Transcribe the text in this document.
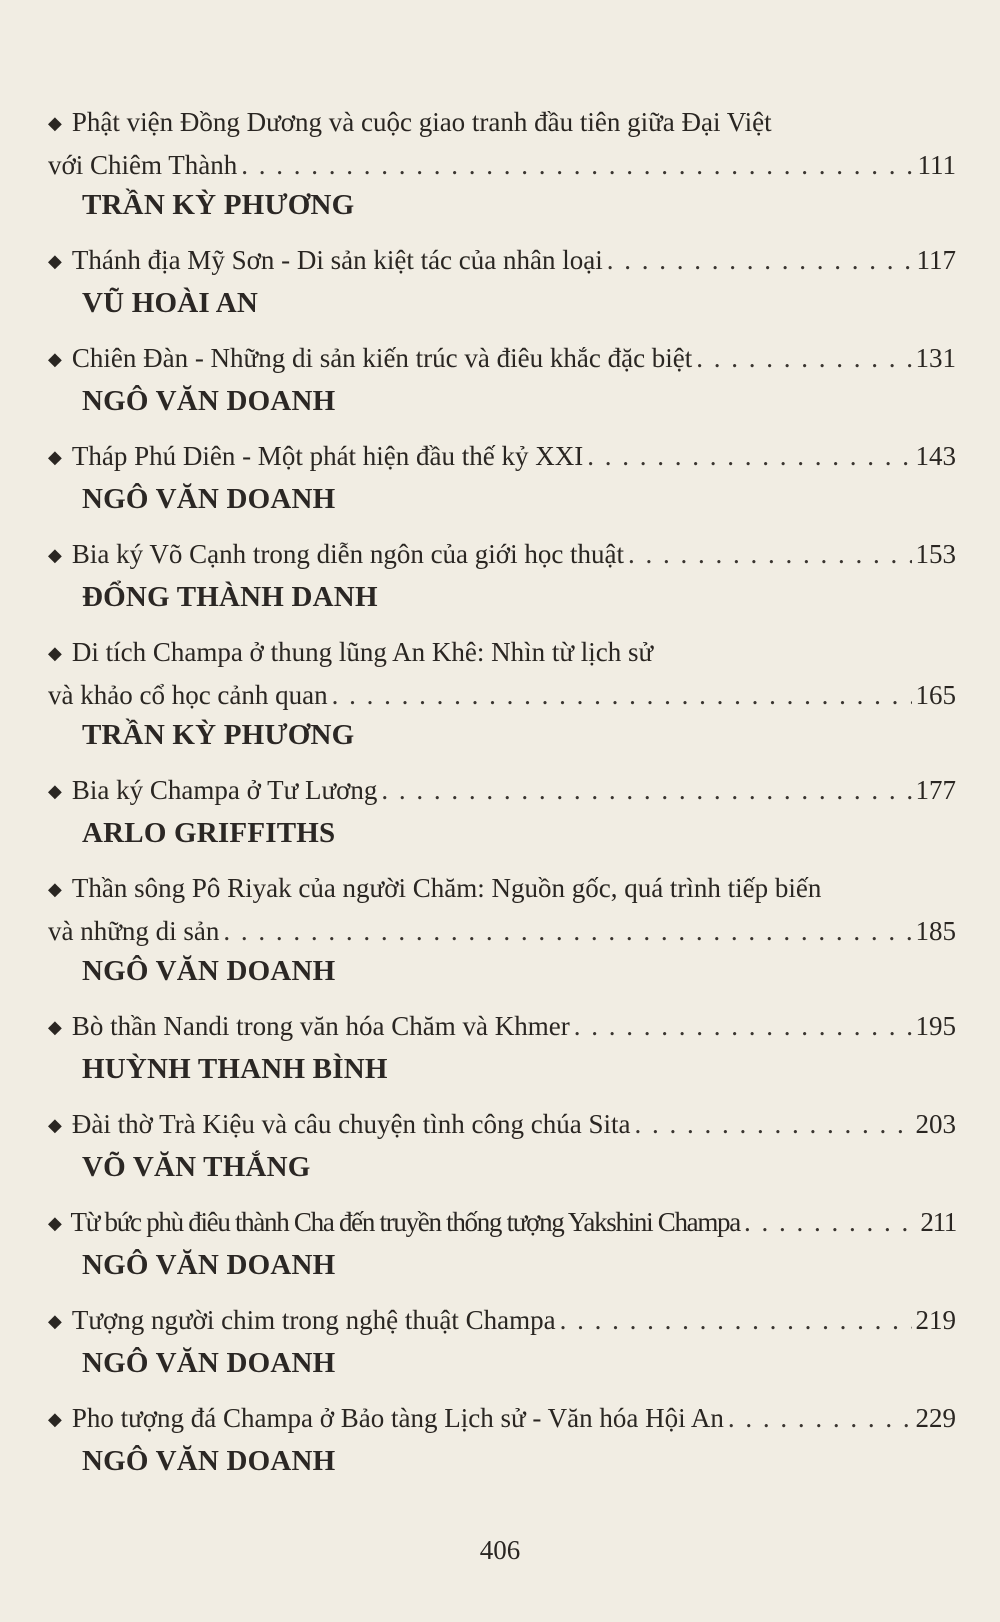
◆ Phật viện Đồng Dương và cuộc giao tranh đầu tiên giữa Đại Việt
với Chiêm Thành . . .	111
TRẦN KỲ PHƯƠNG
◆ Thánh địa Mỹ Sơn - Di sản kiệt tác của nhân loại . . .	117
VŨ HOÀI AN
◆ Chiên Đàn - Những di sản kiến trúc và điêu khắc đặc biệt . . .	131
NGÔ VĂN DOANH
◆ Tháp Phú Diên - Một phát hiện đầu thế kỷ XXI . . .	143
NGÔ VĂN DOANH
◆ Bia ký Võ Cạnh trong diễn ngôn của giới học thuật . . .	153
ĐỔNG THÀNH DANH
◆ Di tích Champa ở thung lũng An Khê: Nhìn từ lịch sử
và khảo cổ học cảnh quan . . .	165
TRẦN KỲ PHƯƠNG
◆ Bia ký Champa ở Tư Lương . . .	177
ARLO GRIFFITHS
◆ Thần sông Pô Riyak của người Chăm: Nguồn gốc, quá trình tiếp biến
và những di sản . . .	185
NGÔ VĂN DOANH
◆ Bò thần Nandi trong văn hóa Chăm và Khmer . . .	195
HUỲNH THANH BÌNH
◆ Đài thờ Trà Kiệu và câu chuyện tình công chúa Sita . . .	203
VÕ VĂN THẮNG
◆ Từ bức phù điêu thành Cha đến truyền thống tượng Yakshini Champa . . .	211
NGÔ VĂN DOANH
◆ Tượng người chim trong nghệ thuật Champa . . .	219
NGÔ VĂN DOANH
◆ Pho tượng đá Champa ở Bảo tàng Lịch sử - Văn hóa Hội An . . .	229
NGÔ VĂN DOANH
406
